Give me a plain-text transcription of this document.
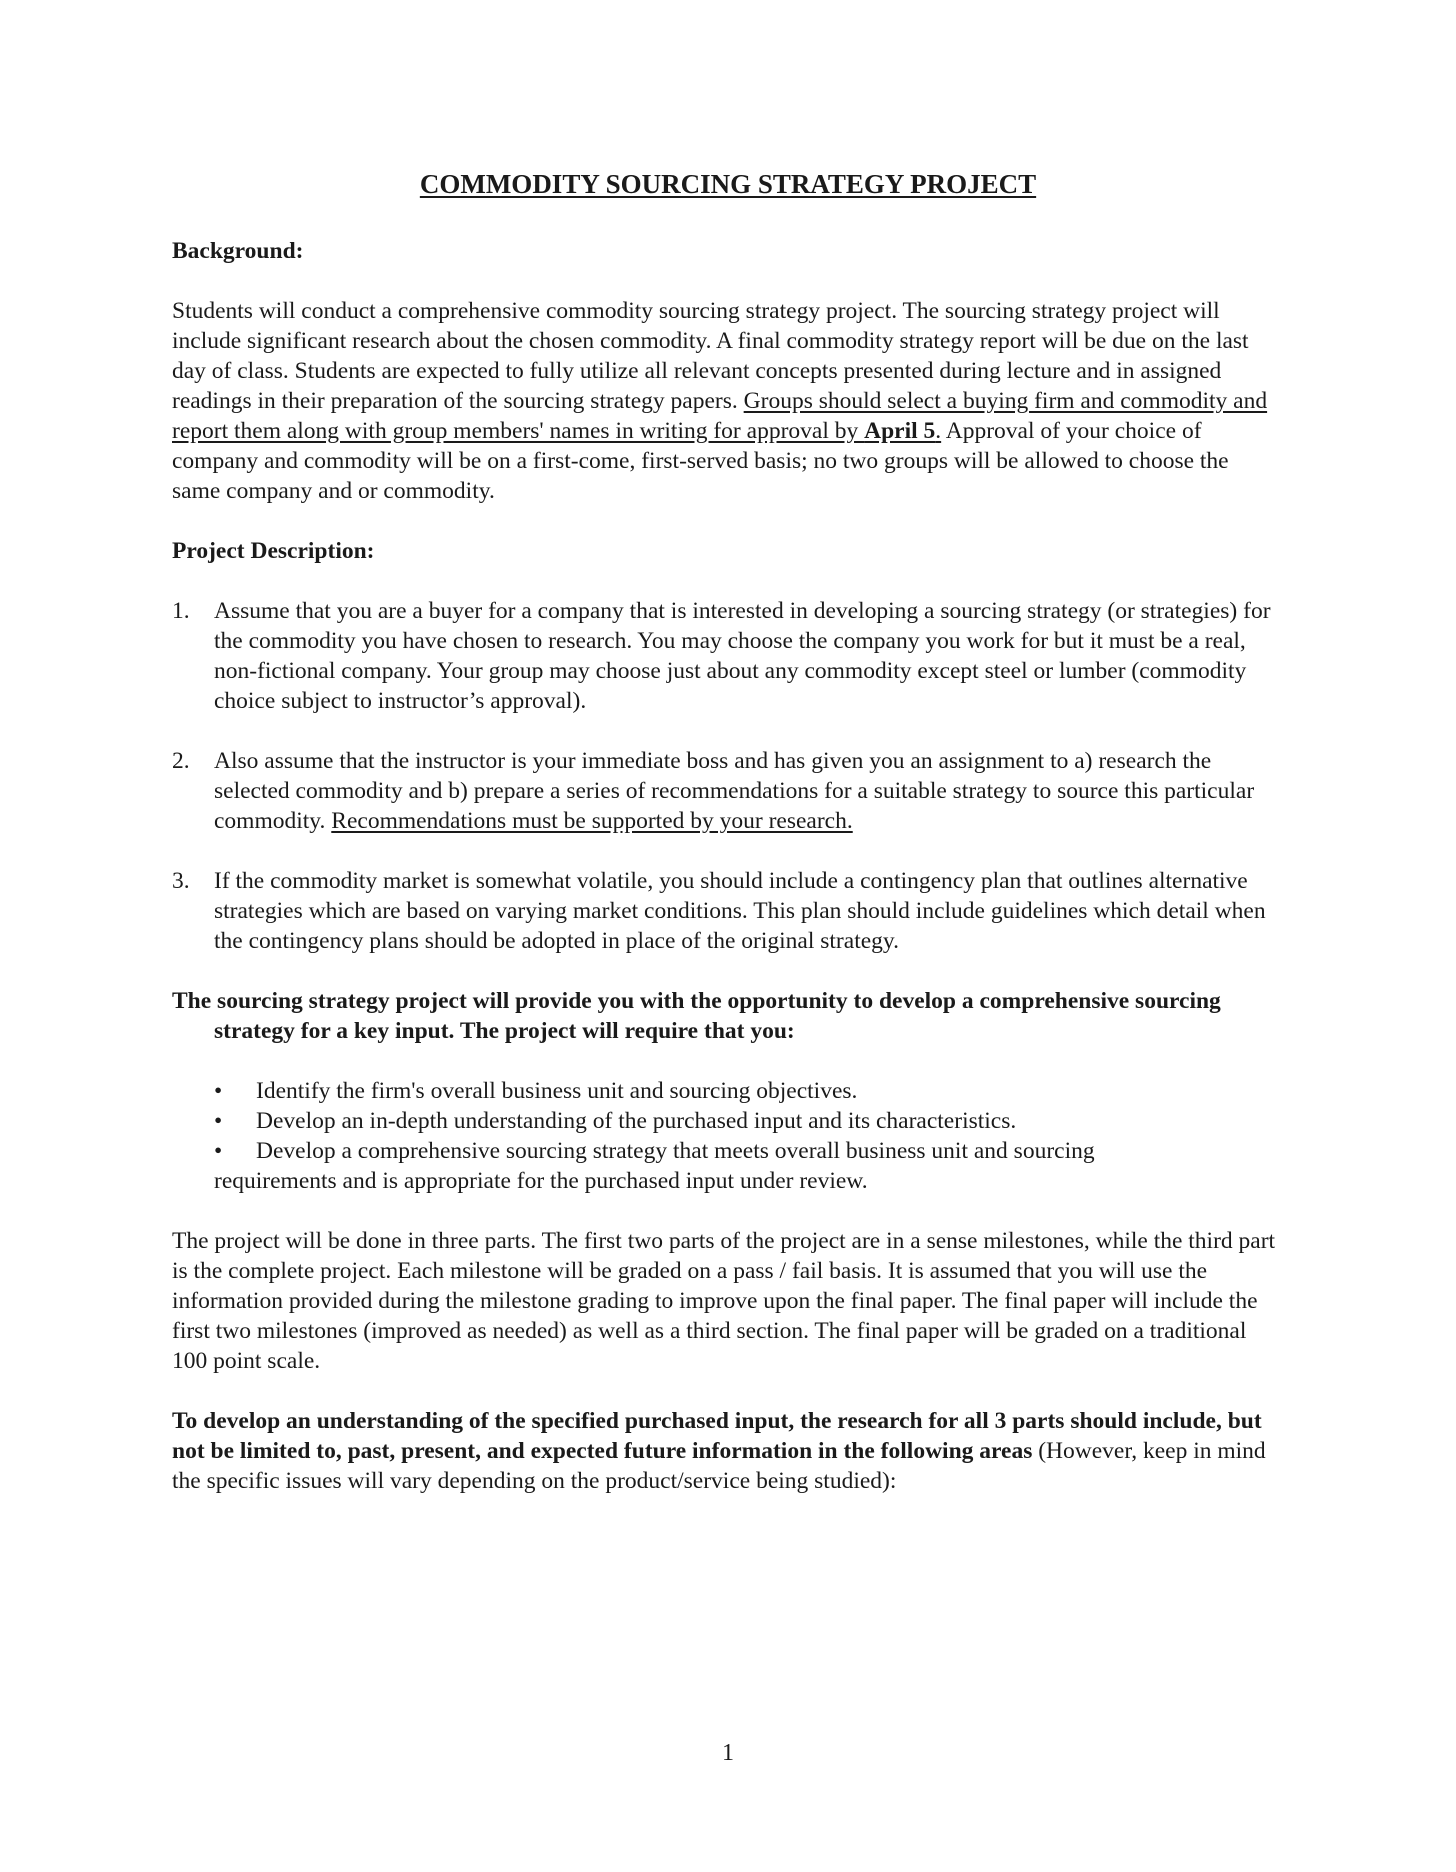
COMMODITY SOURCING STRATEGY PROJECT

Background:

Students will conduct a comprehensive commodity sourcing strategy project. The sourcing strategy project will include significant research about the chosen commodity. A final commodity strategy report will be due on the last day of class. Students are expected to fully utilize all relevant concepts presented during lecture and in assigned readings in their preparation of the sourcing strategy papers. Groups should select a buying firm and commodity and report them along with group members' names in writing for approval by April 5. Approval of your choice of company and commodity will be on a first-come, first-served basis; no two groups will be allowed to choose the same company and or commodity.

Project Description:

1.	Assume that you are a buyer for a company that is interested in developing a sourcing strategy (or strategies) for the commodity you have chosen to research. You may choose the company you work for but it must be a real, non-fictional company. Your group may choose just about any commodity except steel or lumber (commodity choice subject to instructor’s approval).
2.	Also assume that the instructor is your immediate boss and has given you an assignment to a) research the selected commodity and b) prepare a series of recommendations for a suitable strategy to source this particular commodity. Recommendations must be supported by your research.
3.	If the commodity market is somewhat volatile, you should include a contingency plan that outlines alternative strategies which are based on varying market conditions. This plan should include guidelines which detail when the contingency plans should be adopted in place of the original strategy.

The sourcing strategy project will provide you with the opportunity to develop a comprehensive sourcing strategy for a key input. The project will require that you:

•	Identify the firm's overall business unit and sourcing objectives.
•	Develop an in-depth understanding of the purchased input and its characteristics.
•	Develop a comprehensive sourcing strategy that meets overall business unit and sourcing

requirements and is appropriate for the purchased input under review.

The project will be done in three parts. The first two parts of the project are in a sense milestones, while the third part is the complete project. Each milestone will be graded on a pass / fail basis. It is assumed that you will use the information provided during the milestone grading to improve upon the final paper. The final paper will include the first two milestones (improved as needed) as well as a third section. The final paper will be graded on a traditional 100 point scale.

To develop an understanding of the specified purchased input, the research for all 3 parts should include, but not be limited to, past, present, and expected future information in the following areas (However, keep in mind the specific issues will vary depending on the product/service being studied):

1
